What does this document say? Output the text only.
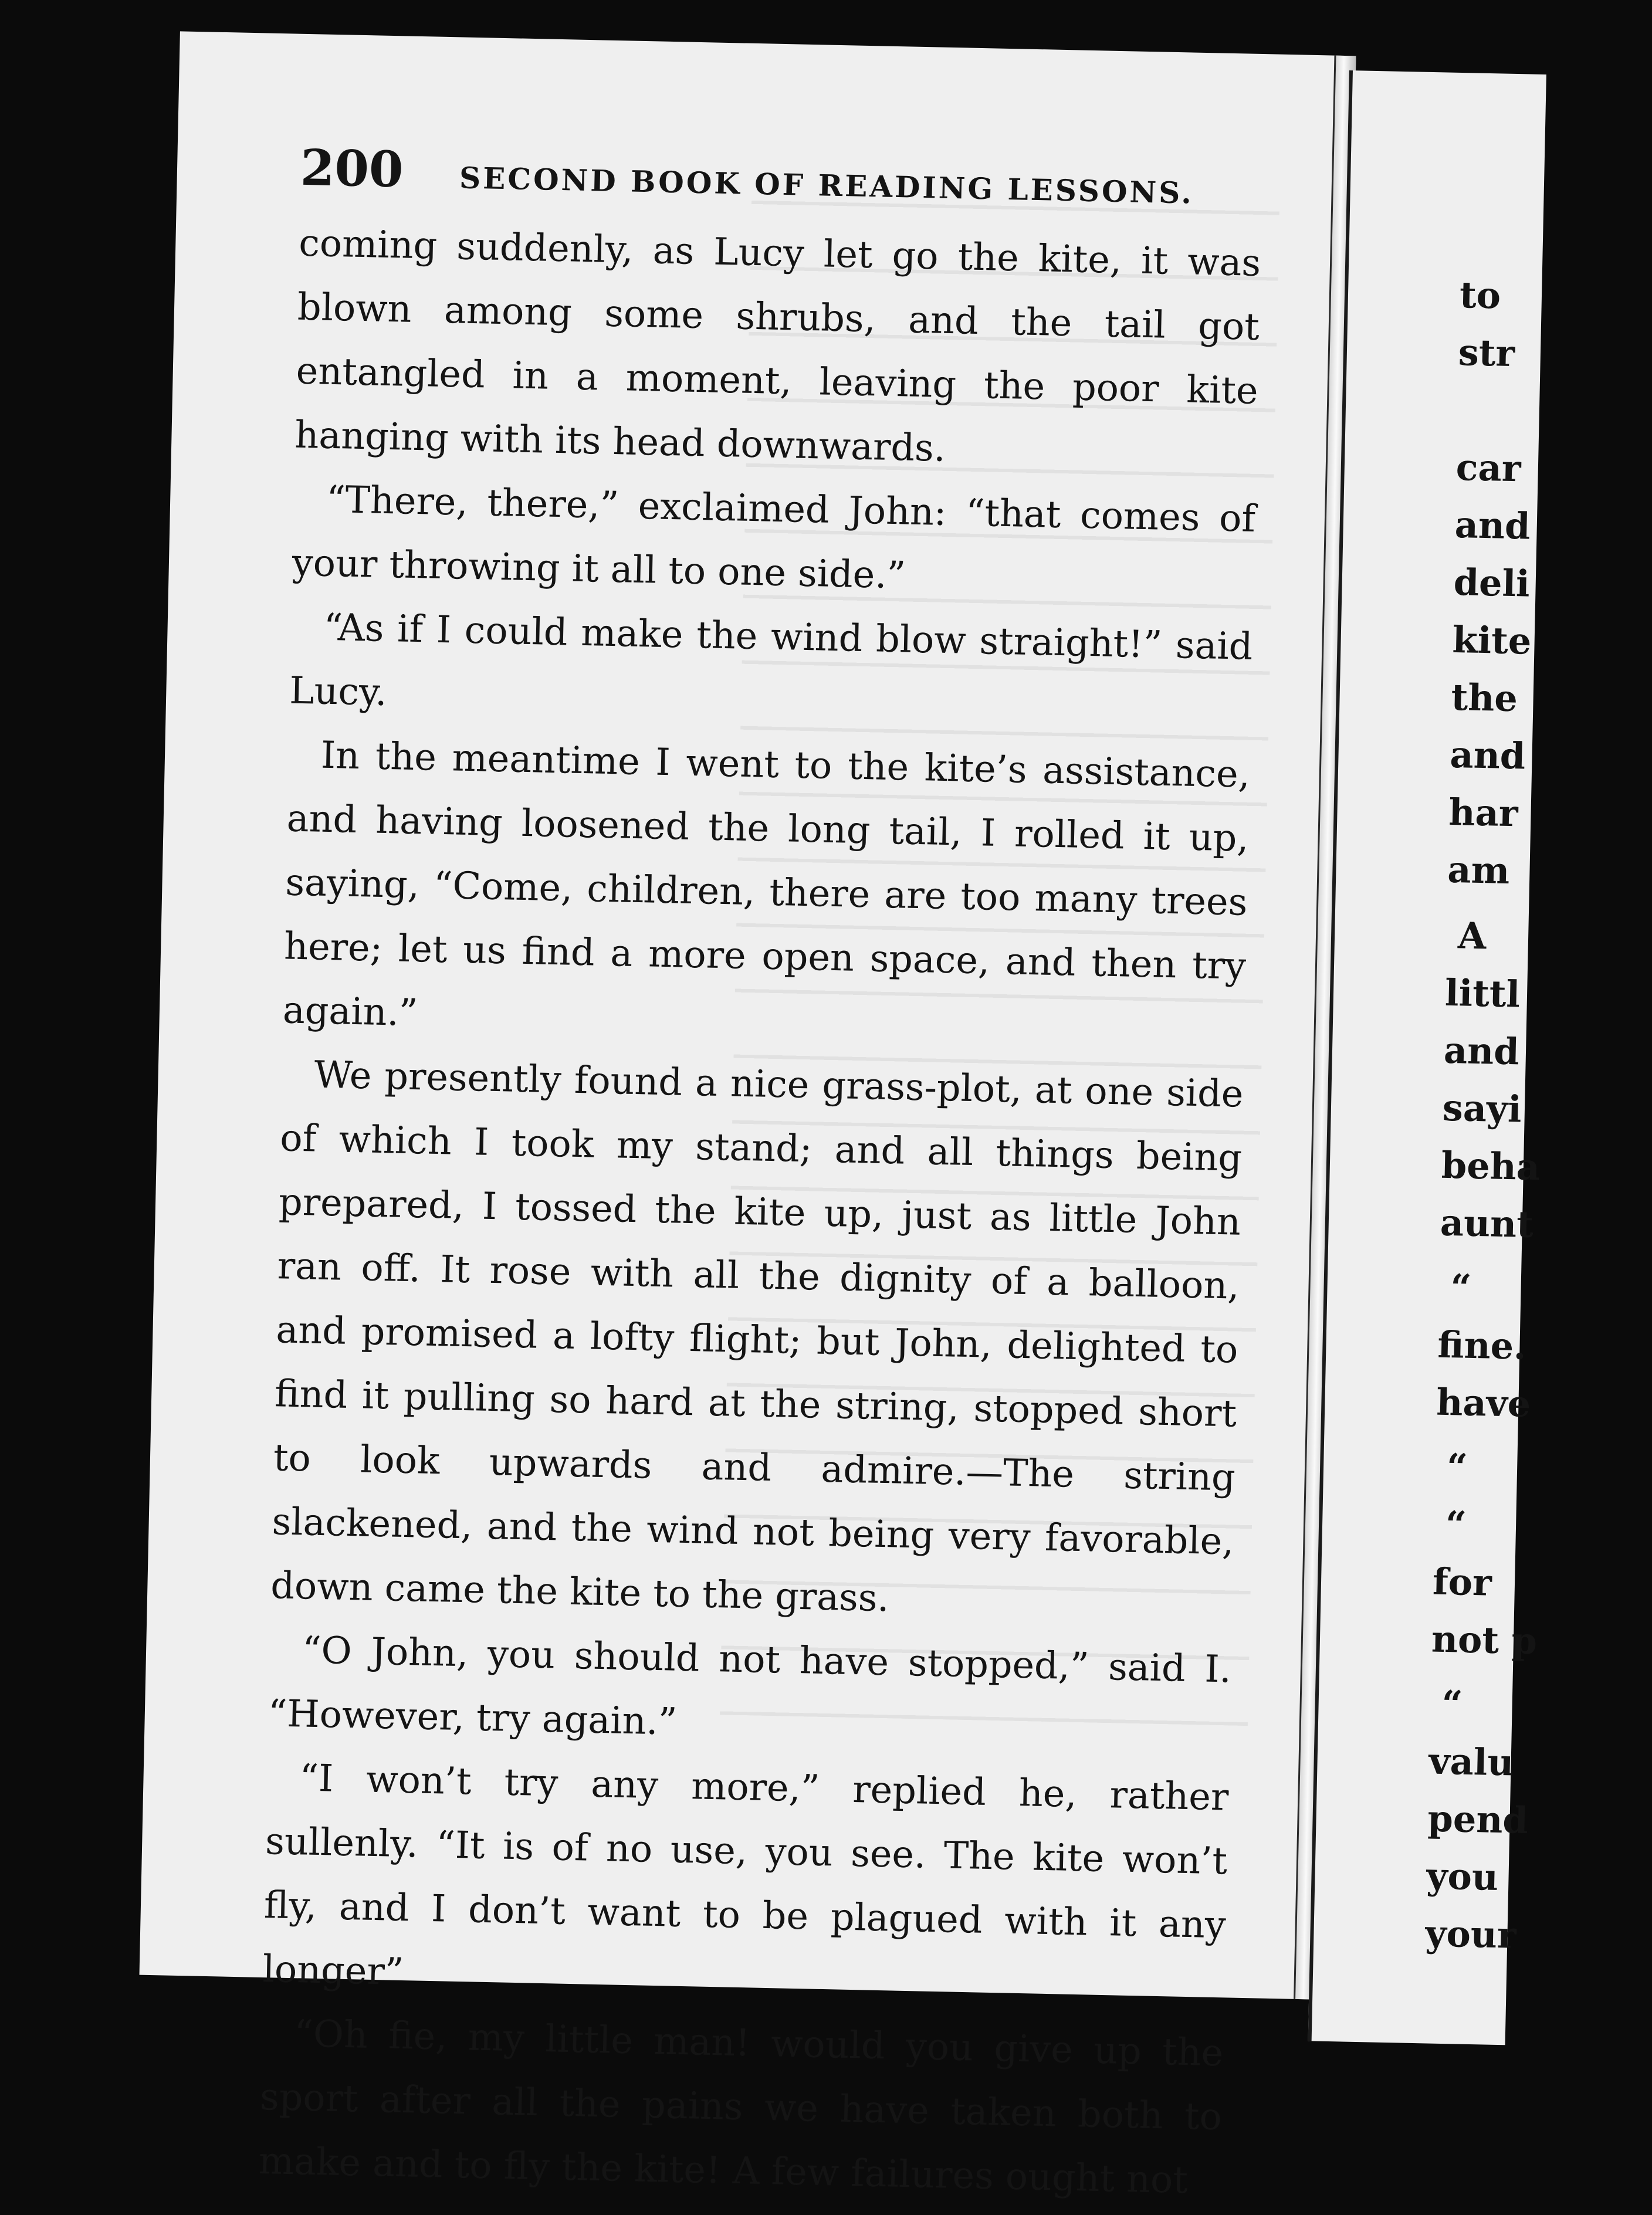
200 SECOND BOOK OF READING LESSONS.

coming suddenly, as Lucy let go the kite, it was blown among some shrubs, and the tail got entangled in a moment, leaving the poor kite hanging with its head downwards.

“There, there,” exclaimed John: “that comes of your throwing it all to one side.”

“As if I could make the wind blow straight!” said Lucy.

In the meantime I went to the kite’s assistance, and having loosened the long tail, I rolled it up, saying, “Come, children, there are too many trees here; let us find a more open space, and then try again.”

We presently found a nice grass-plot, at one side of which I took my stand; and all things being prepared, I tossed the kite up, just as little John ran off. It rose with all the dignity of a balloon, and promised a lofty flight; but John, delighted to find it pulling so hard at the string, stopped short to look upwards and admire.—The string slackened, and the wind not being very favorable, down came the kite to the grass.

“O John, you should not have stopped,” said I. “However, try again.”

“I won’t try any more,” replied he, rather sullenly. “It is of no use, you see. The kite won’t fly, and I don’t want to be plagued with it any longer”

“Oh fie, my little man! would you give up the sport after all the pains we have taken both to make and to fly the kite! A few failures ought not

to
str
car
and
deli
kite
the
and
har
am
A
littl
and
sayi
beha
aunt
“
fine.
have
“
“
for
not p
“
valu
pend
you
your
